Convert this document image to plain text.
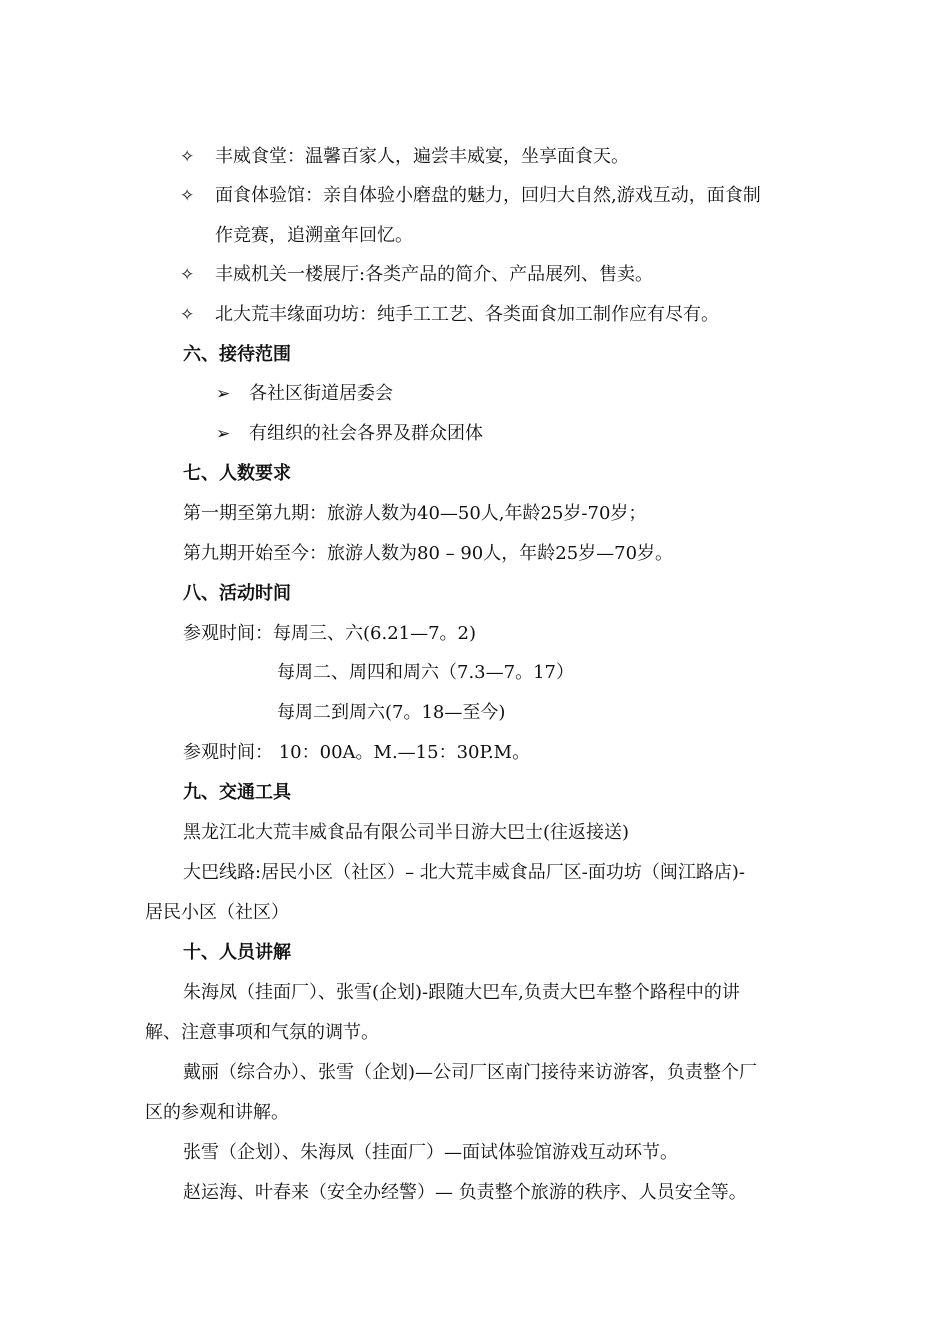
✧ 丰威食堂：温馨百家人，遍尝丰威宴，坐享面食天。
✧ 面食体验馆：亲自体验小磨盘的魅力，回归大自然,游戏互动，面食制
作竞赛，追溯童年回忆。
✧ 丰威机关一楼展厅:各类产品的简介、产品展列、售卖。
✧ 北大荒丰缘面功坊：纯手工工艺、各类面食加工制作应有尽有。
六、接待范围
➢ 各社区街道居委会
➢ 有组织的社会各界及群众团体
七、人数要求
第一期至第九期：旅游人数为40—50人,年龄25岁-70岁；
第九期开始至今：旅游人数为80 – 90人，年龄25岁—70岁。
八、活动时间
参观时间：每周三、六(6.21—7。2)
每周二、周四和周六（7.3—7。17）
每周二到周六(7。18—至今)
参观时间： 10：00A。M.—15：30P.M。
九、交通工具
黑龙江北大荒丰威食品有限公司半日游大巴士(往返接送)
大巴线路:居民小区（社区）– 北大荒丰威食品厂区-面功坊（闽江路店)-
居民小区（社区）
十、人员讲解
朱海凤（挂面厂）、张雪(企划)-跟随大巴车,负责大巴车整个路程中的讲
解、注意事项和气氛的调节。
戴丽（综合办）、张雪（企划)—公司厂区南门接待来访游客，负责整个厂
区的参观和讲解。
张雪（企划）、朱海凤（挂面厂）—面试体验馆游戏互动环节。
赵运海、叶春来（安全办经警）— 负责整个旅游的秩序、人员安全等。
